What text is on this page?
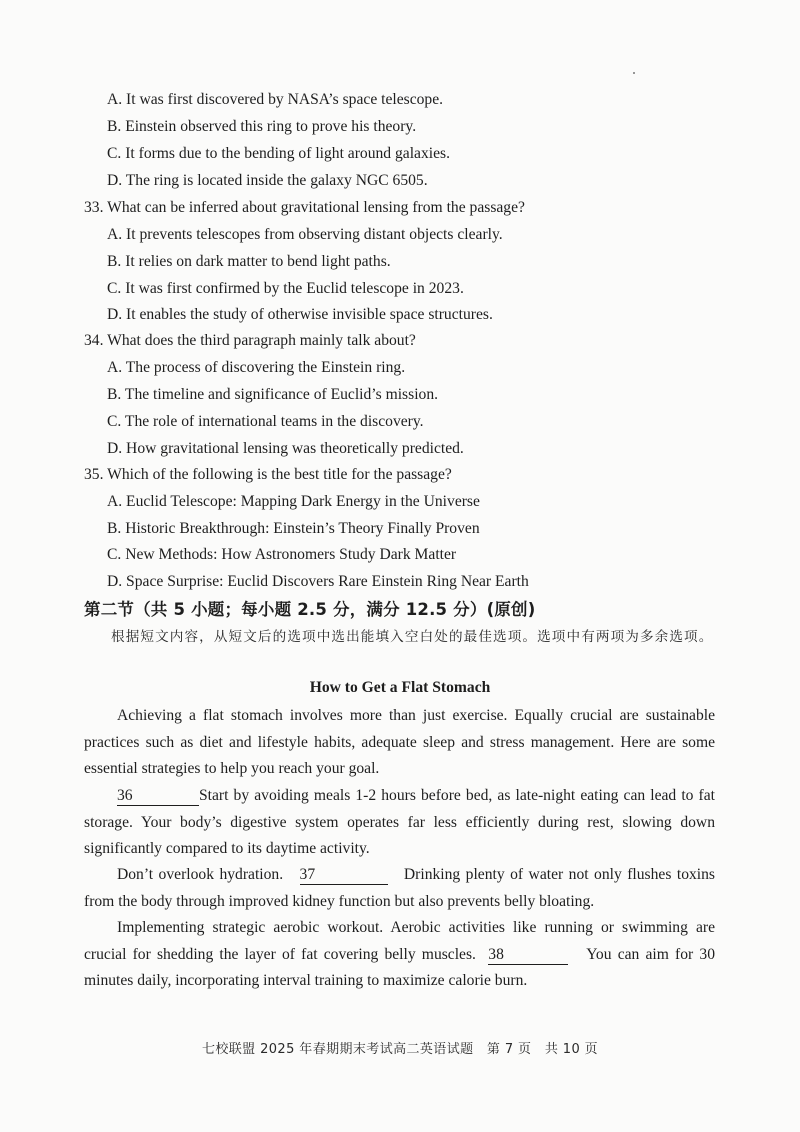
A. It was first discovered by NASA’s space telescope.
B. Einstein observed this ring to prove his theory.
C. It forms due to the bending of light around galaxies.
D. The ring is located inside the galaxy NGC 6505.
33. What can be inferred about gravitational lensing from the passage?
A. It prevents telescopes from observing distant objects clearly.
B. It relies on dark matter to bend light paths.
C. It was first confirmed by the Euclid telescope in 2023.
D. It enables the study of otherwise invisible space structures.
34. What does the third paragraph mainly talk about?
A. The process of discovering the Einstein ring.
B. The timeline and significance of Euclid’s mission.
C. The role of international teams in the discovery.
D. How gravitational lensing was theoretically predicted.
35. Which of the following is the best title for the passage?
A. Euclid Telescope: Mapping Dark Energy in the Universe
B. Historic Breakthrough: Einstein’s Theory Finally Proven
C. New Methods: How Astronomers Study Dark Matter
D. Space Surprise: Euclid Discovers Rare Einstein Ring Near Earth
第二节（共 5 小题；每小题 2.5 分，满分 12.5 分）(原创)
根据短文内容，从短文后的选项中选出能填入空白处的最佳选项。选项中有两项为多余选项。
How to Get a Flat Stomach
Achieving a flat stomach involves more than just exercise. Equally crucial are sustainable practices such as diet and lifestyle habits, adequate sleep and stress management. Here are some essential strategies to help you reach your goal.
36	Start by avoiding meals 1-2 hours before bed, as late-night eating can lead to fat storage. Your body’s digestive system operates far less efficiently during rest, slowing down significantly compared to its daytime activity.
Don’t overlook hydration. 37	Drinking plenty of water not only flushes toxins from the body through improved kidney function but also prevents belly bloating.
Implementing strategic aerobic workout. Aerobic activities like running or swimming are crucial for shedding the layer of fat covering belly muscles. 38	You can aim for 30 minutes daily, incorporating interval training to maximize calorie burn.
七校联盟 2025 年春期期末考试高二英语试题　第 7 页　共 10 页
